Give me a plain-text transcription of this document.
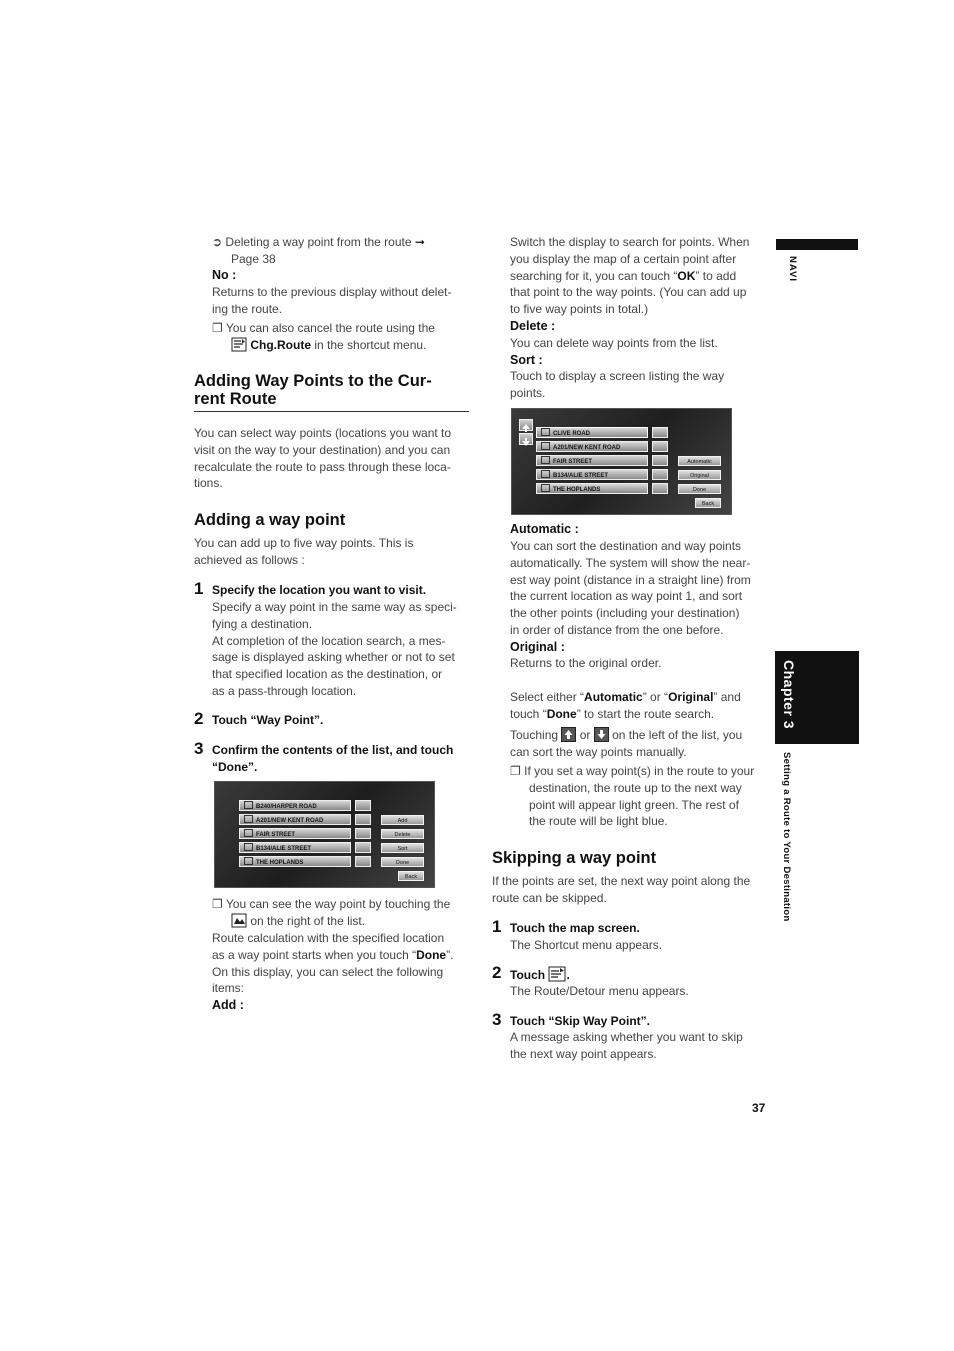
➲ Deleting a way point from the route ➞
Page 38
No :
Returns to the previous display without delet-
ing the route.
❐ You can also cancel the route using the
Chg.Route in the shortcut menu.
Adding Way Points to the Cur-
rent Route
You can select way points (locations you want to
visit on the way to your destination) and you can
recalculate the route to pass through these loca-
tions.
Adding a way point
You can add up to five way points. This is
achieved as follows :
1 Specify the location you want to visit.
Specify a way point in the same way as speci-
fying a destination.
At completion of the location search, a mes-
sage is displayed asking whether or not to set
that specified location as the destination, or
as a pass-through location.
2 Touch “Way Point”.
3 Confirm the contents of the list, and touch
“Done”.
B240/HARPER ROAD
A201/NEW KENT ROAD
FAIR STREET
B134/ALIE STREET
THE HOPLANDS
Add
Delete
Sort
Done
Back
❐ You can see the way point by touching the
on the right of the list.
Route calculation with the specified location
as a way point starts when you touch “Done”.
On this display, you can select the following
items:
Add :
Switch the display to search for points. When
you display the map of a certain point after
searching for it, you can touch “OK” to add
that point to the way points. (You can add up
to five way points in total.)
Delete :
You can delete way points from the list.
Sort :
Touch to display a screen listing the way
points.
CLIVE ROAD
A201/NEW KENT ROAD
FAIR STREET
B134/ALIE STREET
THE HOPLANDS
Automatic
Original
Done
Back
Automatic :
You can sort the destination and way points
automatically. The system will show the near-
est way point (distance in a straight line) from
the current location as way point 1, and sort
the other points (including your destination)
in order of distance from the one before.
Original :
Returns to the original order.
Select either “Automatic” or “Original” and
touch “Done” to start the route search.
Touching or on the left of the list, you
can sort the way points manually.
❐ If you set a way point(s) in the route to your
destination, the route up to the next way
point will appear light green. The rest of
the route will be light blue.
Skipping a way point
If the points are set, the next way point along the
route can be skipped.
1 Touch the map screen.
The Shortcut menu appears.
2 Touch .
The Route/Detour menu appears.
3 Touch “Skip Way Point”.
A message asking whether you want to skip
the next way point appears.
NAVI
Chapter 3
Setting a Route to Your Destination
37
